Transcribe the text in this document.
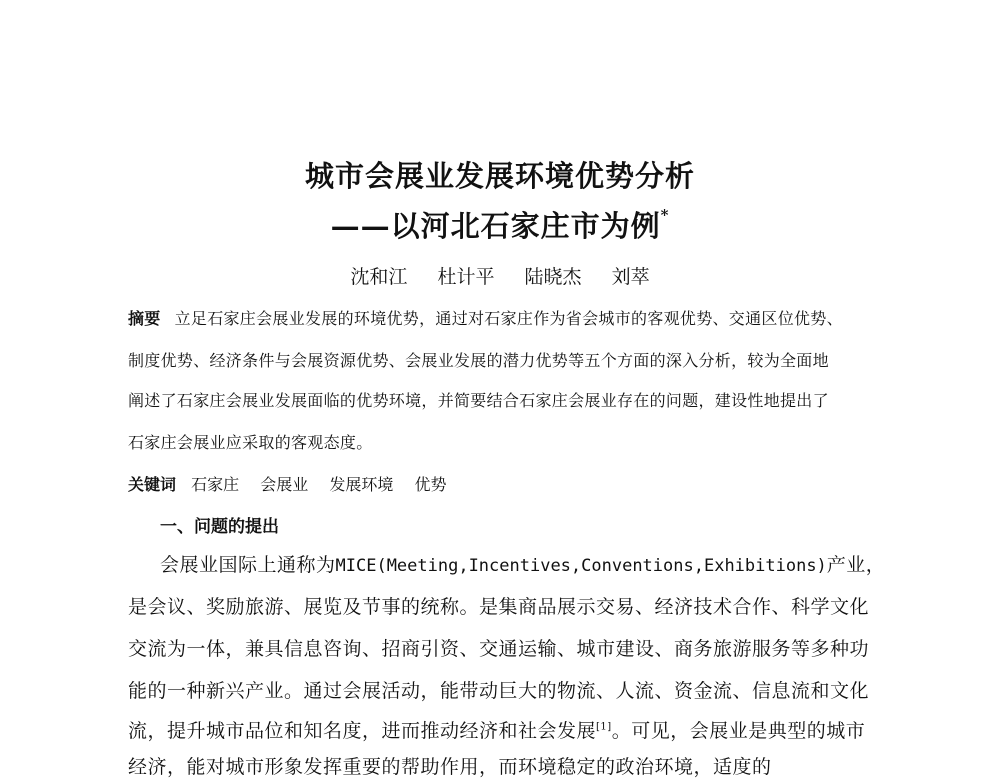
城市会展业发展环境优势分析
——以河北石家庄市为例*
沈和江 杜计平 陆晓杰 刘萃
摘要 立足石家庄会展业发展的环境优势，通过对石家庄作为省会城市的客观优势、交通区位优势、
制度优势、经济条件与会展资源优势、会展业发展的潜力优势等五个方面的深入分析，较为全面地
阐述了石家庄会展业发展面临的优势环境，并简要结合石家庄会展业存在的问题，建设性地提出了
石家庄会展业应采取的客观态度。
关键词 石家庄 会展业 发展环境 优势
一、问题的提出
会展业国际上通称为MICE(Meeting,Incentives,Conventions,Exhibitions)产业，
是会议、奖励旅游、展览及节事的统称。是集商品展示交易、经济技术合作、科学文化
交流为一体，兼具信息咨询、招商引资、交通运输、城市建设、商务旅游服务等多种功
能的一种新兴产业。通过会展活动，能带动巨大的物流、人流、资金流、信息流和文化
流，提升城市品位和知名度，进而推动经济和社会发展[1]。可见，会展业是典型的城市
经济，能对城市形象发挥重要的帮助作用，而环境稳定的政治环境，适度的
